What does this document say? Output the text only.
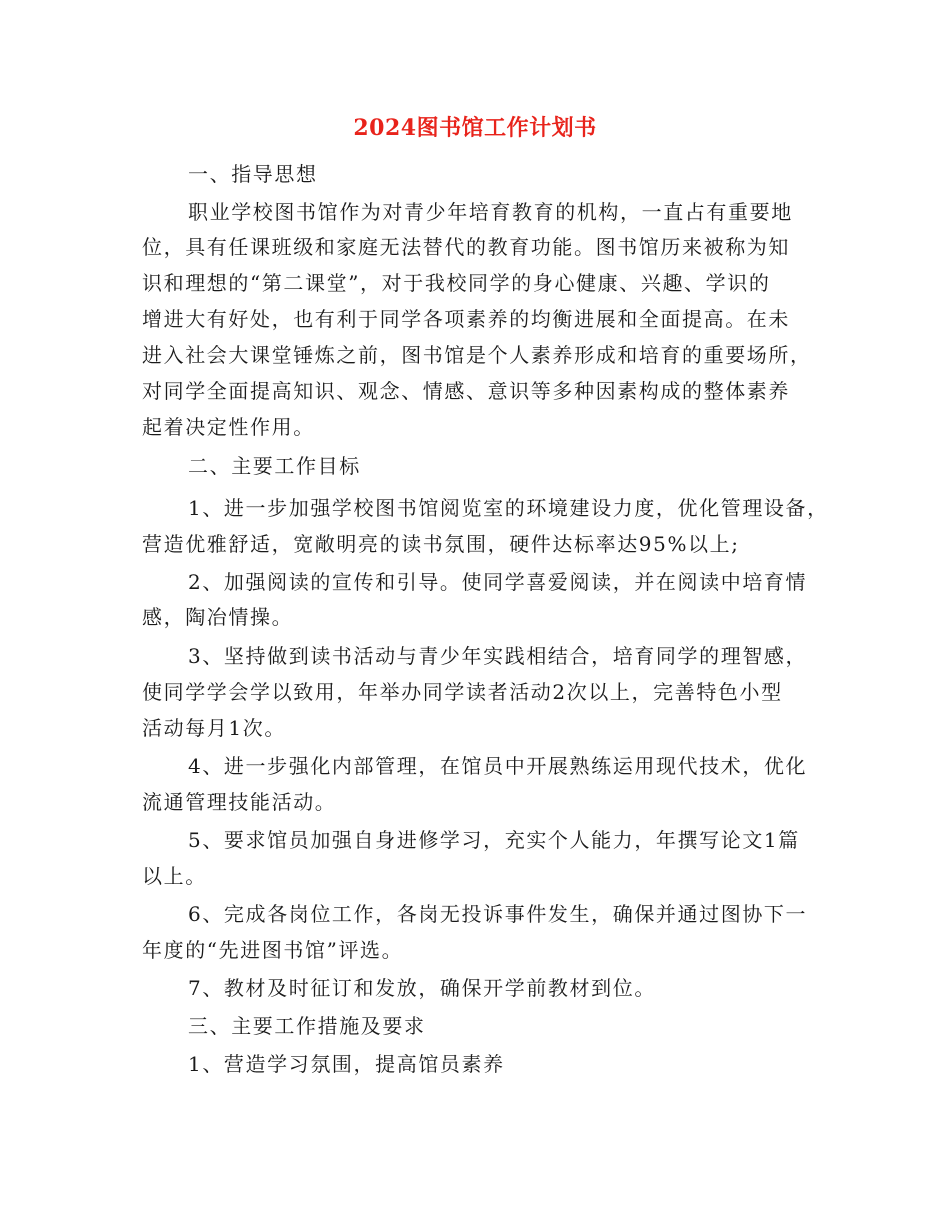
2024图书馆工作计划书
一、指导思想
职业学校图书馆作为对青少年培育教育的机构，一直占有重要地
位，具有任课班级和家庭无法替代的教育功能。图书馆历来被称为知
识和理想的“第二课堂”，对于我校同学的身心健康、兴趣、学识的
增进大有好处，也有利于同学各项素养的均衡进展和全面提高。在未
进入社会大课堂锤炼之前，图书馆是个人素养形成和培育的重要场所，
对同学全面提高知识、观念、情感、意识等多种因素构成的整体素养
起着决定性作用。
二、主要工作目标
1、进一步加强学校图书馆阅览室的环境建设力度，优化管理设备，
营造优雅舒适，宽敞明亮的读书氛围，硬件达标率达95%以上;
2、加强阅读的宣传和引导。使同学喜爱阅读，并在阅读中培育情
感，陶冶情操。
3、坚持做到读书活动与青少年实践相结合，培育同学的理智感，
使同学学会学以致用，年举办同学读者活动2次以上，完善特色小型
活动每月1次。
4、进一步强化内部管理，在馆员中开展熟练运用现代技术，优化
流通管理技能活动。
5、要求馆员加强自身进修学习，充实个人能力，年撰写论文1篇
以上。
6、完成各岗位工作，各岗无投诉事件发生，确保并通过图协下一
年度的“先进图书馆”评选。
7、教材及时征订和发放，确保开学前教材到位。
三、主要工作措施及要求
1、营造学习氛围，提高馆员素养
